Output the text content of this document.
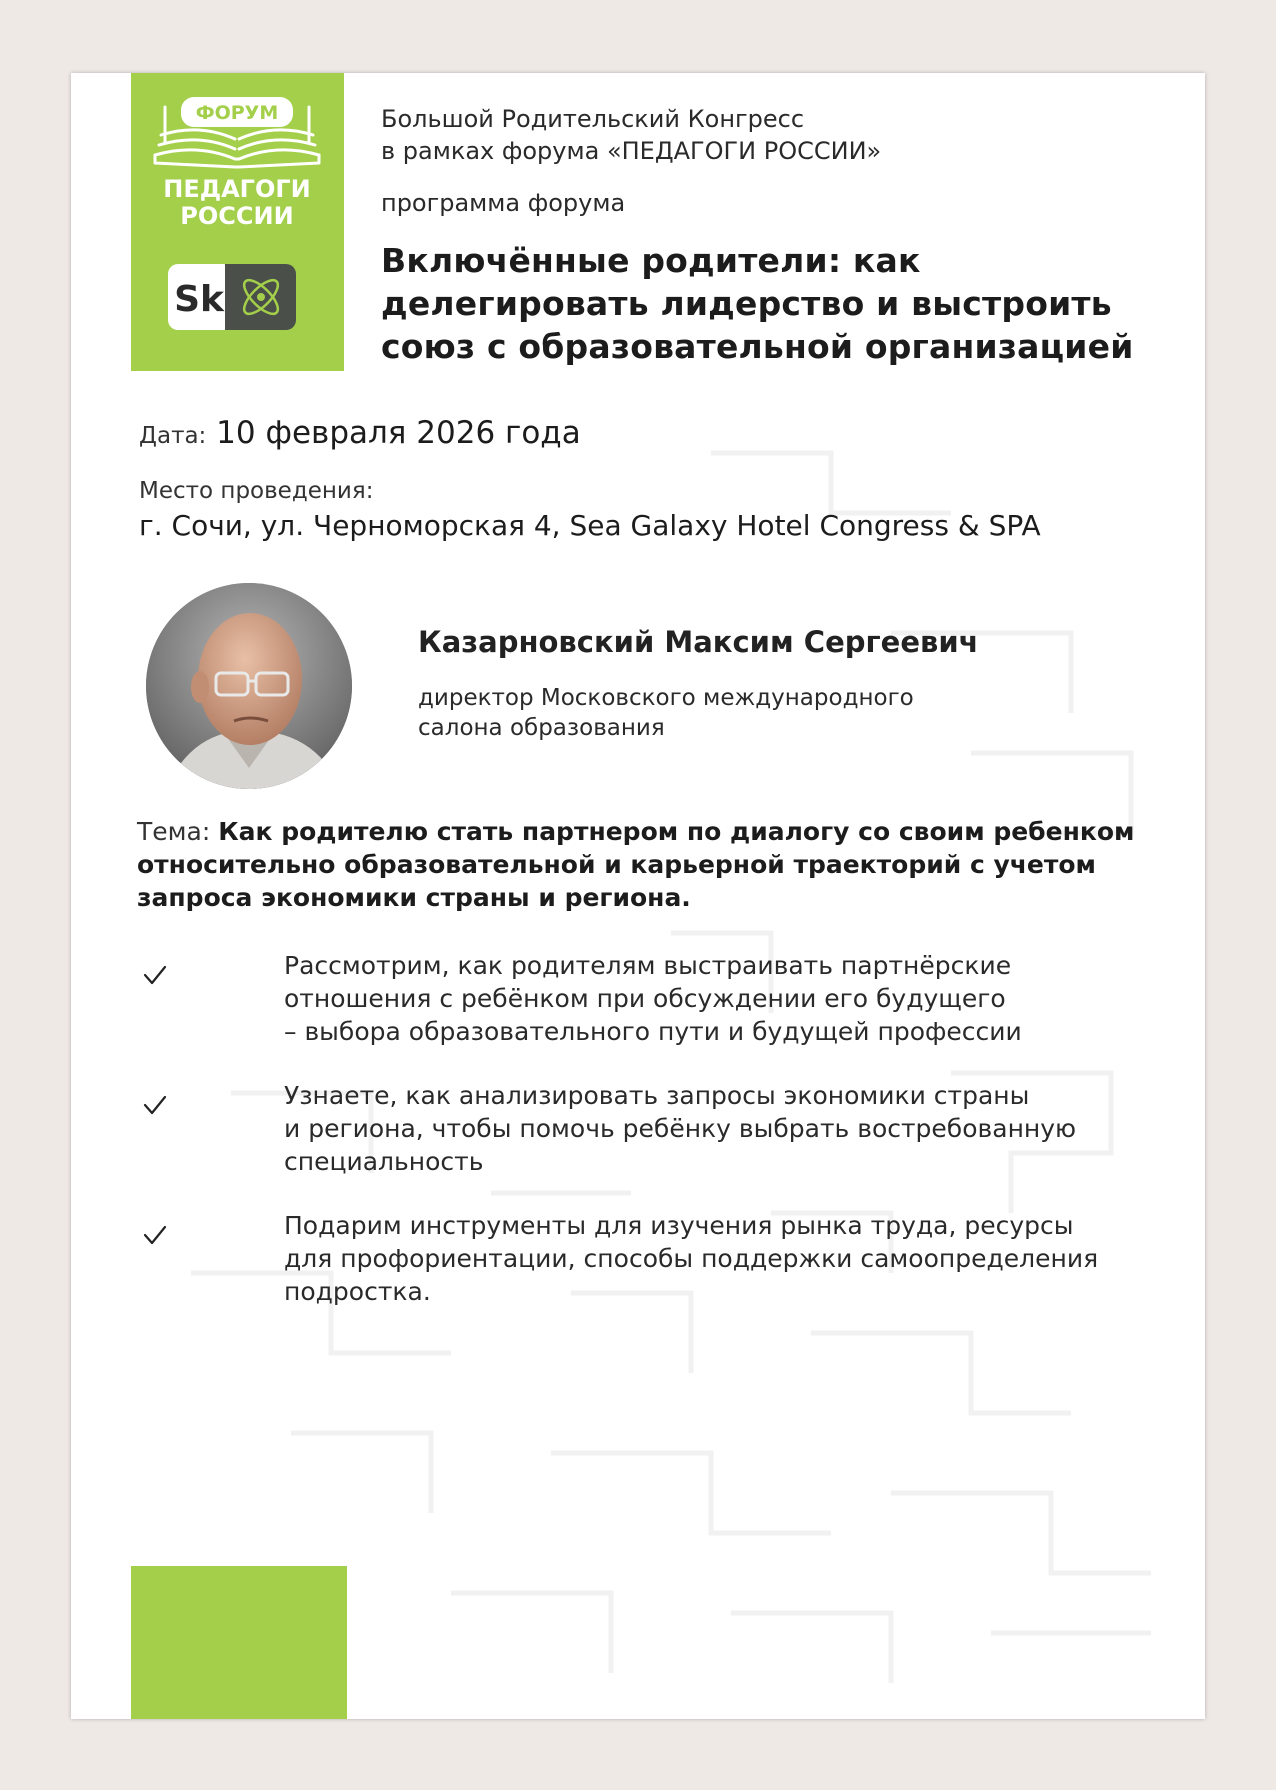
ФОРУМ
ПЕДАГОГИ
РОССИИ
Sk
Большой Родительский Конгресс
в рамках форума «ПЕДАГОГИ РОССИИ»
программа форума
Включённые родители: как
делегировать лидерство и выстроить
союз с образовательной организацией
Дата: 10 февраля 2026 года
Место проведения:
г. Сочи, ул. Черноморская 4, Sea Galaxy Hotel Congress & SPA
Казарновский Максим Сергеевич
директор Московского международного
салона образования
Тема: Как родителю стать партнером по диалогу со своим ребенком
относительно образовательной и карьерной траекторий с учетом
запроса экономики страны и региона.
Рассмотрим, как родителям выстраивать партнёрские
отношения с ребёнком при обсуждении его будущего
– выбора образовательного пути и будущей профессии
Узнаете, как анализировать запросы экономики страны
и региона, чтобы помочь ребёнку выбрать востребованную
специальность
Подарим инструменты для изучения рынка труда, ресурсы
для профориентации, способы поддержки самоопределения
подростка.
